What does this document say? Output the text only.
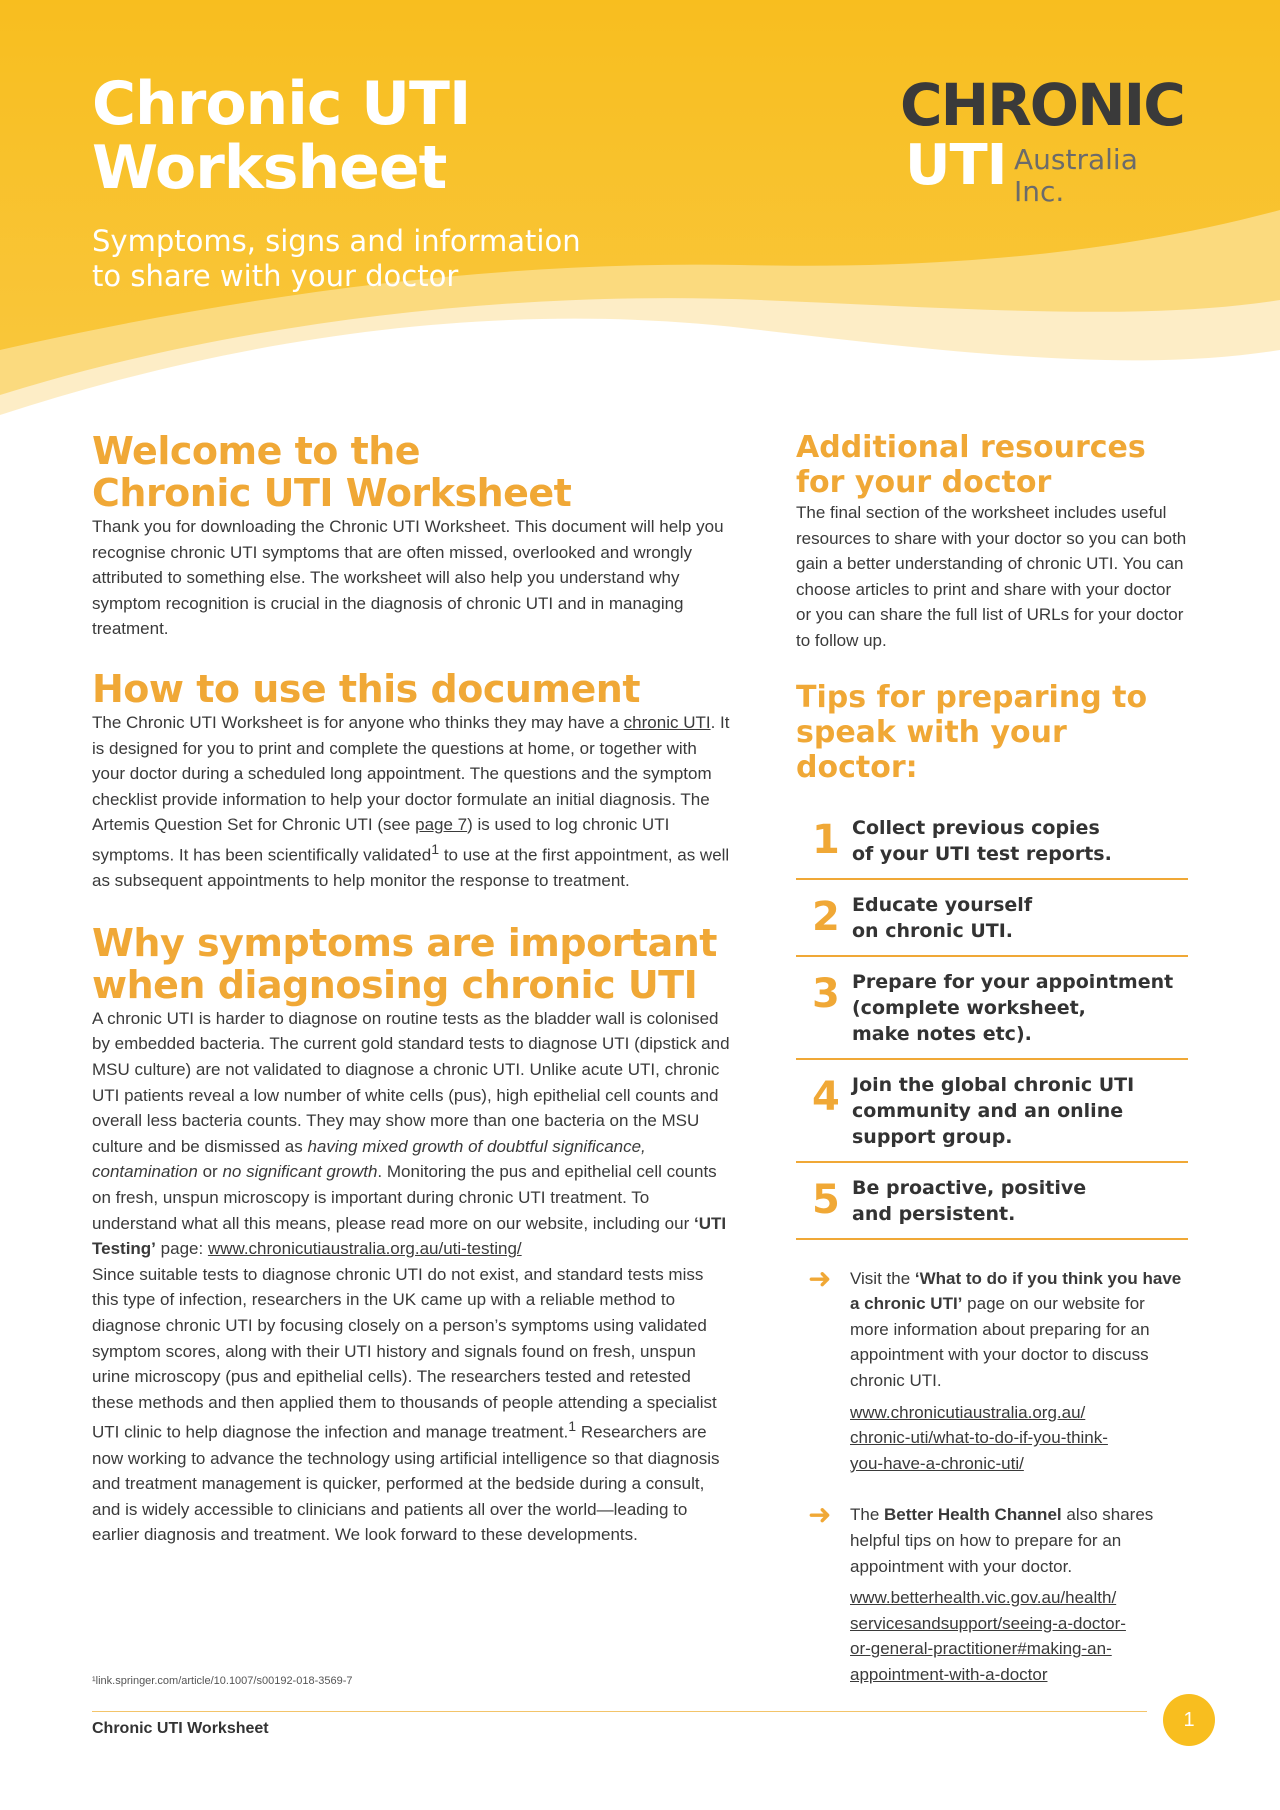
Chronic UTI
Worksheet
Symptoms, signs and information
to share with your doctor
CHRONIC
UTI Australia Inc.
Welcome to the
Chronic UTI Worksheet

Thank you for downloading the Chronic UTI Worksheet. This document will help you recognise chronic UTI symptoms that are often missed, overlooked and wrongly attributed to something else. The worksheet will also help you understand why symptom recognition is crucial in the diagnosis of chronic UTI and in managing treatment.

How to use this document

The Chronic UTI Worksheet is for anyone who thinks they may have a chronic UTI. It is designed for you to print and complete the questions at home, or together with your doctor during a scheduled long appointment. The questions and the symptom checklist provide information to help your doctor formulate an initial diagnosis. The Artemis Question Set for Chronic UTI (see page 7) is used to log chronic UTI symptoms. It has been scientifically validated$^1$ to use at the first appointment, as well as subsequent appointments to help monitor the response to treatment.

Why symptoms are important
when diagnosing chronic UTI

A chronic UTI is harder to diagnose on routine tests as the bladder wall is colonised by embedded bacteria. The current gold standard tests to diagnose UTI (dipstick and MSU culture) are not validated to diagnose a chronic UTI. Unlike acute UTI, chronic UTI patients reveal a low number of white cells (pus), high epithelial cell counts and overall less bacteria counts. They may show more than one bacteria on the MSU culture and be dismissed as having mixed growth of doubtful significance, contamination or no significant growth. Monitoring the pus and epithelial cell counts on fresh, unspun microscopy is important during chronic UTI treatment. To understand what all this means, please read more on our website, including our ‘UTI Testing’ page: www.chronicutiaustralia.org.au/uti-testing/

Since suitable tests to diagnose chronic UTI do not exist, and standard tests miss this type of infection, researchers in the UK came up with a reliable method to diagnose chronic UTI by focusing closely on a person’s symptoms using validated symptom scores, along with their UTI history and signals found on fresh, unspun urine microscopy (pus and epithelial cells). The researchers tested and retested these methods and then applied them to thousands of people attending a specialist UTI clinic to help diagnose the infection and manage treatment.$^1$ Researchers are now working to advance the technology using artificial intelligence so that diagnosis and treatment management is quicker, performed at the bedside during a consult, and is widely accessible to clinicians and patients all over the world—leading to earlier diagnosis and treatment. We look forward to these developments.

Additional resources
for your doctor

The final section of the worksheet includes useful resources to share with your doctor so you can both gain a better understanding of chronic UTI. You can choose articles to print and share with your doctor or you can share the full list of URLs for your doctor to follow up.

Tips for preparing to
speak with your doctor:
1 Collect previous copies
of your UTI test reports.
2 Educate yourself
on chronic UTI.
3 Prepare for your appointment
(complete worksheet,
make notes etc).
4 Join the global chronic UTI
community and an online
support group.
5 Be proactive, positive
and persistent.
➜	Visit the ‘What to do if you think you have a chronic UTI’ page on our website for more information about preparing for an appointment with your doctor to discuss chronic UTI.
www.chronicutiaustralia.org.au/
chronic-uti/what-to-do-if-you-think-
you-have-a-chronic-uti/
➜	The Better Health Channel also shares helpful tips on how to prepare for an appointment with your doctor.
www.betterhealth.vic.gov.au/health/
servicesandsupport/seeing-a-doctor-
or-general-practitioner#making-an-
appointment-with-a-doctor
¹link.springer.com/article/10.1007/s00192-018-3569-7
Chronic UTI Worksheet	1
